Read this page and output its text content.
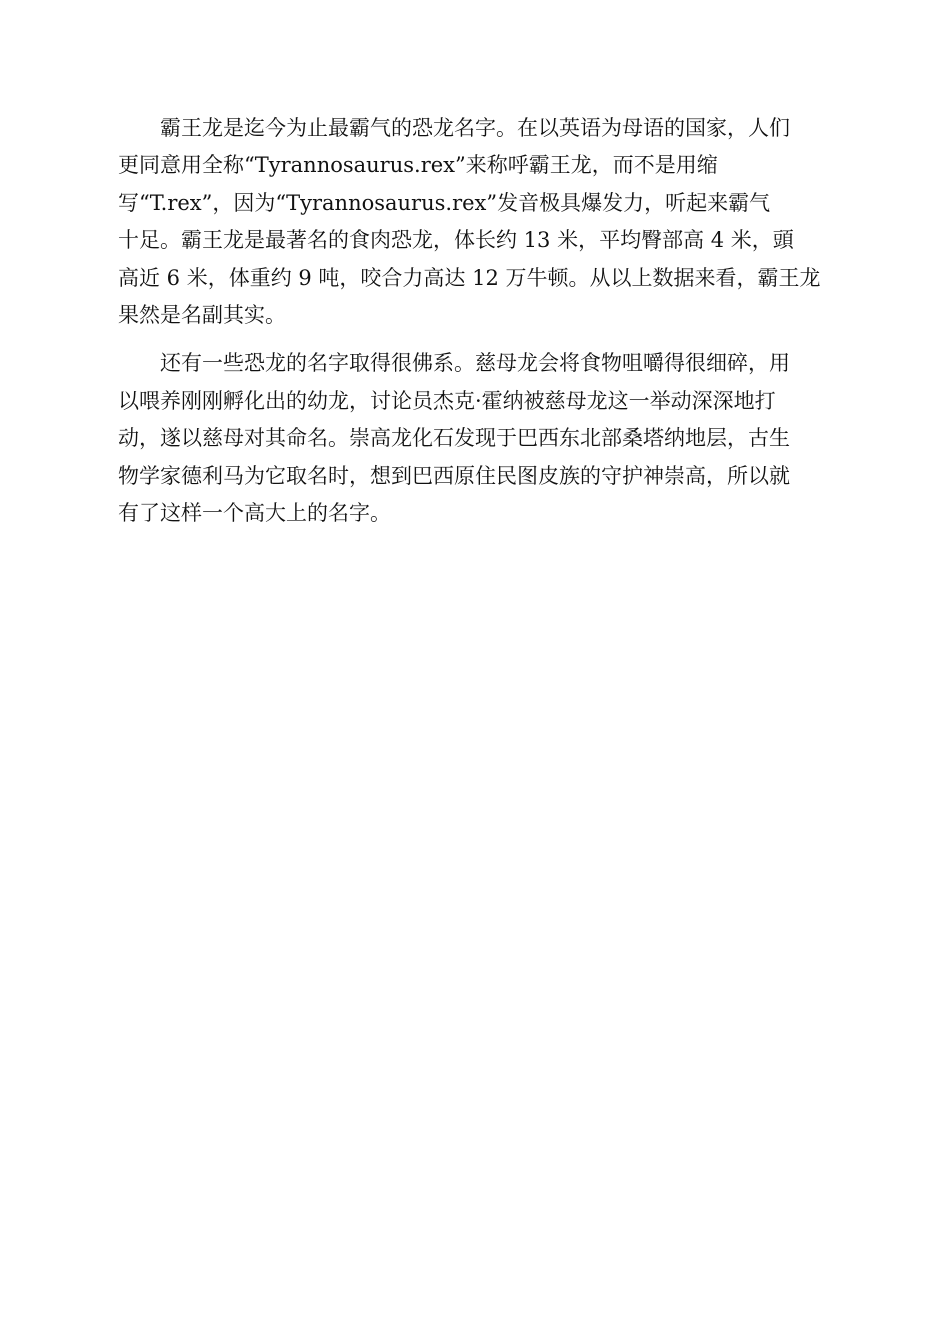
霸王龙是迄今为止最霸气的恐龙名字。在以英语为母语的国家，人们
更同意用全称“Tyrannosaurus.rex”来称呼霸王龙，而不是用缩
写“T.rex”，因为“Tyrannosaurus.rex”发音极具爆发力，听起来霸气
十足。霸王龙是最著名的食肉恐龙，体长约 13 米，平均臀部高 4 米，頭
高近 6 米，体重约 9 吨，咬合力高达 12 万牛顿。从以上数据来看，霸王龙
果然是名副其实。

还有一些恐龙的名字取得很佛系。慈母龙会将食物咀嚼得很细碎，用
以喂养刚刚孵化出的幼龙，讨论员杰克·霍纳被慈母龙这一举动深深地打
动，遂以慈母对其命名。崇高龙化石发现于巴西东北部桑塔纳地层，古生
物学家德利马为它取名时，想到巴西原住民图皮族的守护神崇高，所以就
有了这样一个高大上的名字。
